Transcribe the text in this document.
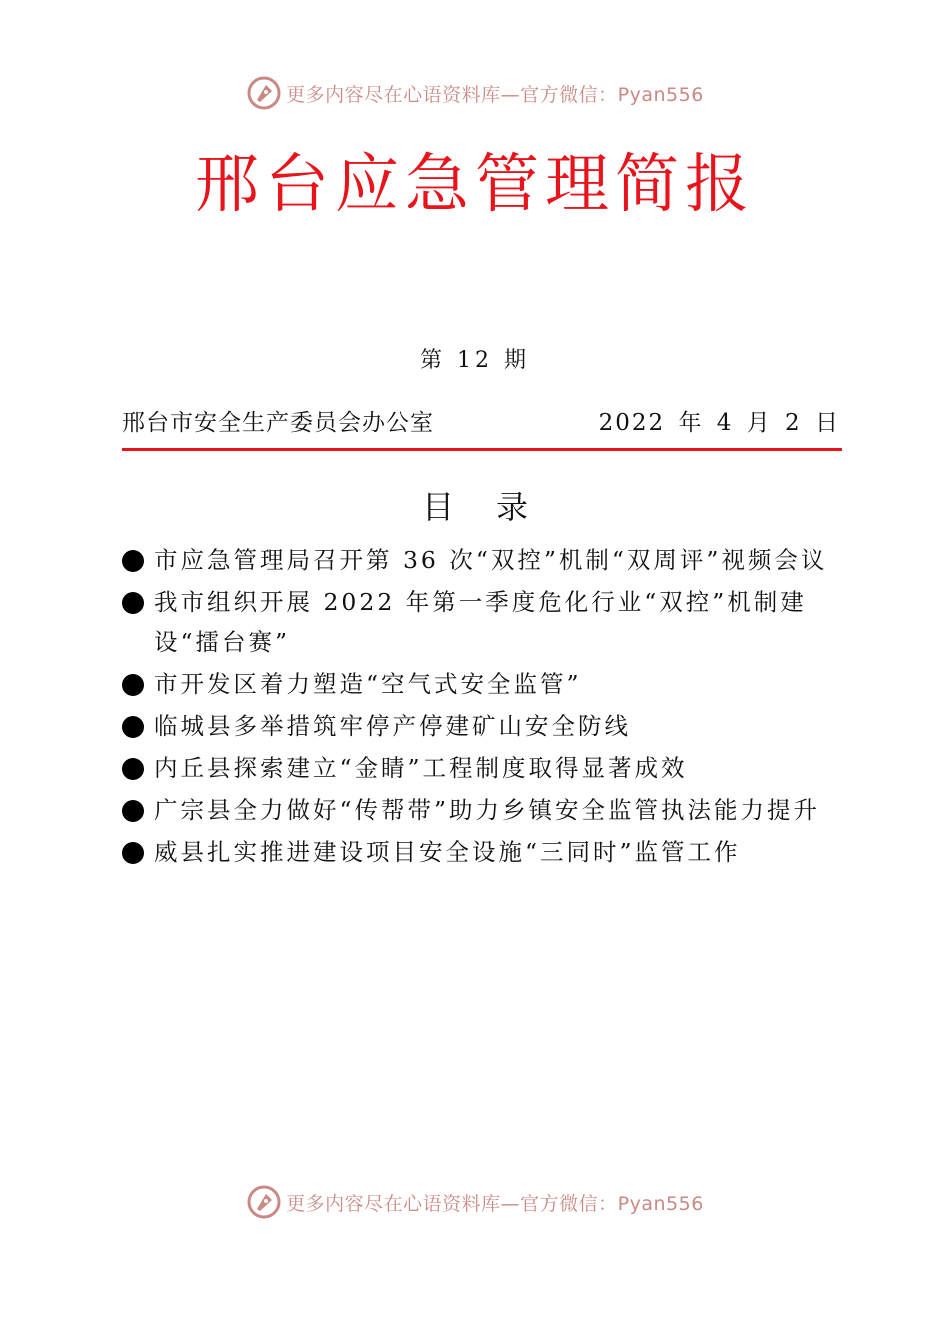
更多内容尽在心语资料库—官方微信：Pyan556
邢台应急管理简报
第 12 期
邢台市安全生产委员会办公室	2022 年 4 月 2 日
目录
市应急管理局召开第 36 次“双控”机制“双周评”视频会议
我市组织开展 2022 年第一季度危化行业“双控”机制建设“擂台赛”
市开发区着力塑造“空气式安全监管”
临城县多举措筑牢停产停建矿山安全防线
内丘县探索建立“金睛”工程制度取得显著成效
广宗县全力做好“传帮带”助力乡镇安全监管执法能力提升
威县扎实推进建设项目安全设施“三同时”监管工作
更多内容尽在心语资料库—官方微信：Pyan556
